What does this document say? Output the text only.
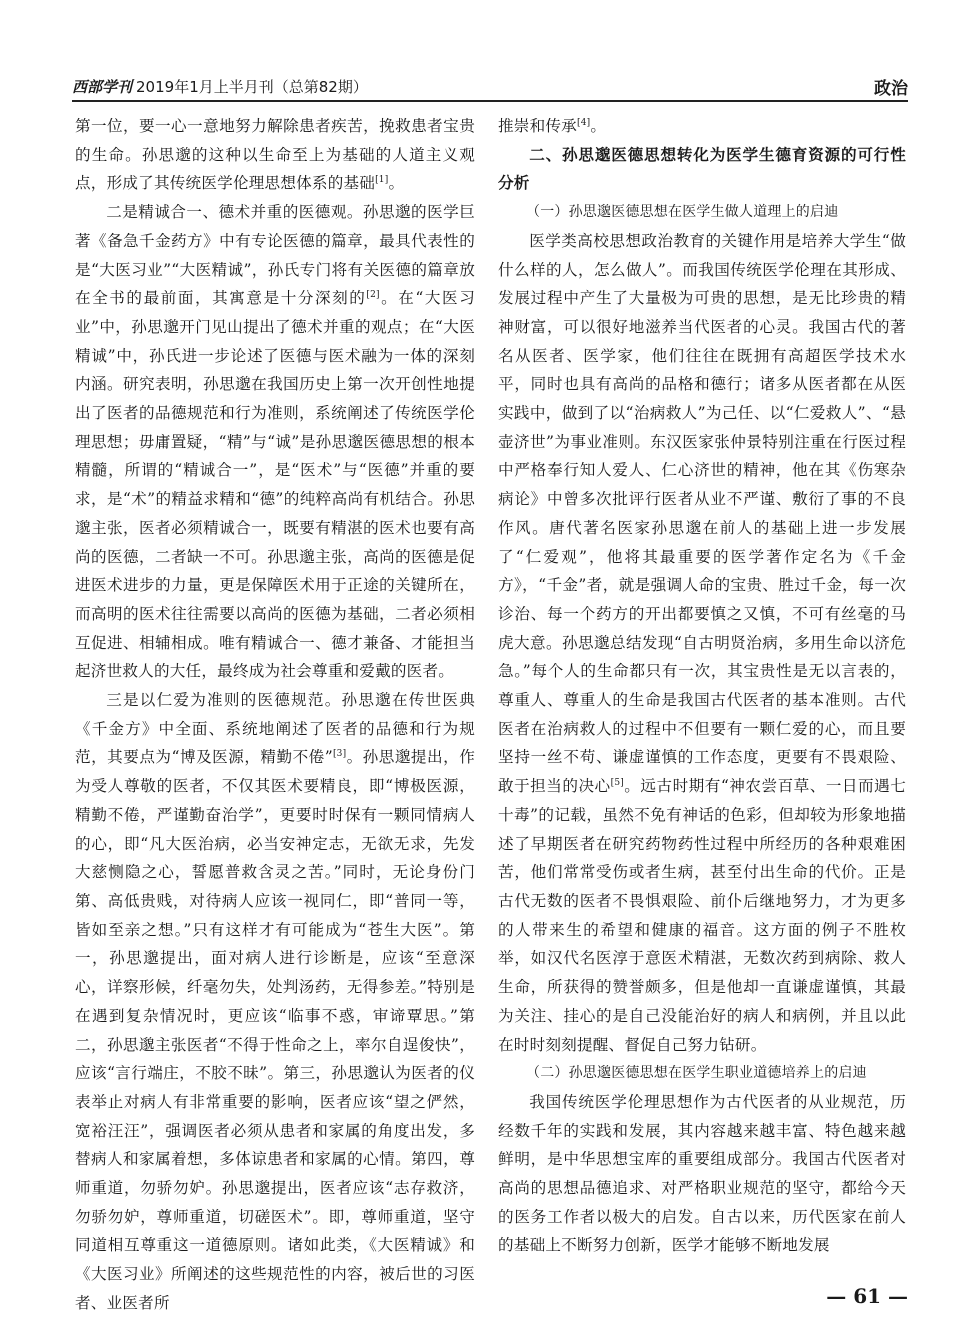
西部学刊 2019年1月上半月刊（总第82期）	政治

第一位，要一心一意地努力解除患者疾苦，挽救患者宝贵的生命。孙思邈的这种以生命至上为基础的人道主义观点，形成了其传统医学伦理思想体系的基础[1]。

二是精诚合一、德术并重的医德观。孙思邈的医学巨著《备急千金药方》中有专论医德的篇章，最具代表性的是“大医习业”“大医精诚”，孙氏专门将有关医德的篇章放在全书的最前面，其寓意是十分深刻的[2]。在“大医习业”中，孙思邈开门见山提出了德术并重的观点；在“大医精诚”中，孙氏进一步论述了医德与医术融为一体的深刻内涵。研究表明，孙思邈在我国历史上第一次开创性地提出了医者的品德规范和行为准则，系统阐述了传统医学伦理思想；毋庸置疑，“精”与“诚”是孙思邈医德思想的根本精髓，所谓的“精诚合一”，是“医术”与“医德”并重的要求，是“术”的精益求精和“德”的纯粹高尚有机结合。孙思邈主张，医者必须精诚合一，既要有精湛的医术也要有高尚的医德，二者缺一不可。孙思邈主张，高尚的医德是促进医术进步的力量，更是保障医术用于正途的关键所在，而高明的医术往往需要以高尚的医德为基础，二者必须相互促进、相辅相成。唯有精诚合一、德才兼备、才能担当起济世救人的大任，最终成为社会尊重和爱戴的医者。

三是以仁爱为准则的医德规范。孙思邈在传世医典《千金方》中全面、系统地阐述了医者的品德和行为规范，其要点为“博及医源，精勤不倦”[3]。孙思邈提出，作为受人尊敬的医者，不仅其医术要精良，即“博极医源，精勤不倦，严谨勤奋治学”，更要时时保有一颗同情病人的心，即“凡大医治病，必当安神定志，无欲无求，先发大慈恻隐之心，誓愿普救含灵之苦。”同时，无论身份门第、高低贵贱，对待病人应该一视同仁，即“普同一等，皆如至亲之想。”只有这样才有可能成为“苍生大医”。第一，孙思邈提出，面对病人进行诊断是，应该“至意深心，详察形候，纤毫勿失，处判汤药，无得参差。”特别是在遇到复杂情况时，更应该“临事不惑，审谛覃思。”第二，孙思邈主张医者“不得于性命之上，率尔自逞俊快”，应该“言行端庄，不胶不昧”。第三，孙思邈认为医者的仪表举止对病人有非常重要的影响，医者应该“望之俨然，宽裕汪汪”，强调医者必须从患者和家属的角度出发，多替病人和家属着想，多体谅患者和家属的心情。第四，尊师重道，勿骄勿妒。孙思邈提出，医者应该“志存救济，勿骄勿妒，尊师重道，切磋医术”。即，尊师重道，坚守同道相互尊重这一道德原则。诸如此类，《大医精诚》和《大医习业》所阐述的这些规范性的内容，被后世的习医者、业医者所

推崇和传承[4]。

二、孙思邈医德思想转化为医学生德育资源的可行性分析

（一）孙思邈医德思想在医学生做人道理上的启迪

医学类高校思想政治教育的关键作用是培养大学生“做什么样的人，怎么做人”。而我国传统医学伦理在其形成、发展过程中产生了大量极为可贵的思想，是无比珍贵的精神财富，可以很好地滋养当代医者的心灵。我国古代的著名从医者、医学家，他们往往在既拥有高超医学技术水平，同时也具有高尚的品格和德行；诸多从医者都在从医实践中，做到了以“治病救人”为己任、以“仁爱救人”、“悬壶济世”为事业准则。东汉医家张仲景特别注重在行医过程中严格奉行知人爱人、仁心济世的精神，他在其《伤寒杂病论》中曾多次批评行医者从业不严谨、敷衍了事的不良作风。唐代著名医家孙思邈在前人的基础上进一步发展了“仁爱观”，他将其最重要的医学著作定名为《千金方》，“千金”者，就是强调人命的宝贵、胜过千金，每一次诊治、每一个药方的开出都要慎之又慎，不可有丝毫的马虎大意。孙思邈总结发现“自古明贤治病，多用生命以济危急。”每个人的生命都只有一次，其宝贵性是无以言表的，尊重人、尊重人的生命是我国古代医者的基本准则。古代医者在治病救人的过程中不但要有一颗仁爱的心，而且要坚持一丝不苟、谦虚谨慎的工作态度，更要有不畏艰险、敢于担当的决心[5]。远古时期有“神农尝百草、一日而遇七十毒”的记载，虽然不免有神话的色彩，但却较为形象地描述了早期医者在研究药物药性过程中所经历的各种艰难困苦，他们常常受伤或者生病，甚至付出生命的代价。正是古代无数的医者不畏惧艰险、前仆后继地努力，才为更多的人带来生的希望和健康的福音。这方面的例子不胜枚举，如汉代名医淳于意医术精湛，无数次药到病除、救人生命，所获得的赞誉颇多，但是他却一直谦虚谨慎，其最为关注、挂心的是自己没能治好的病人和病例，并且以此在时时刻刻提醒、督促自己努力钻研。

（二）孙思邈医德思想在医学生职业道德培养上的启迪

我国传统医学伦理思想作为古代医者的从业规范，历经数千年的实践和发展，其内容越来越丰富、特色越来越鲜明，是中华思想宝库的重要组成部分。我国古代医者对高尚的思想品德追求、对严格职业规范的坚守，都给今天的医务工作者以极大的启发。自古以来，历代医家在前人的基础上不断努力创新，医学才能够不断地发展

— 61 —
